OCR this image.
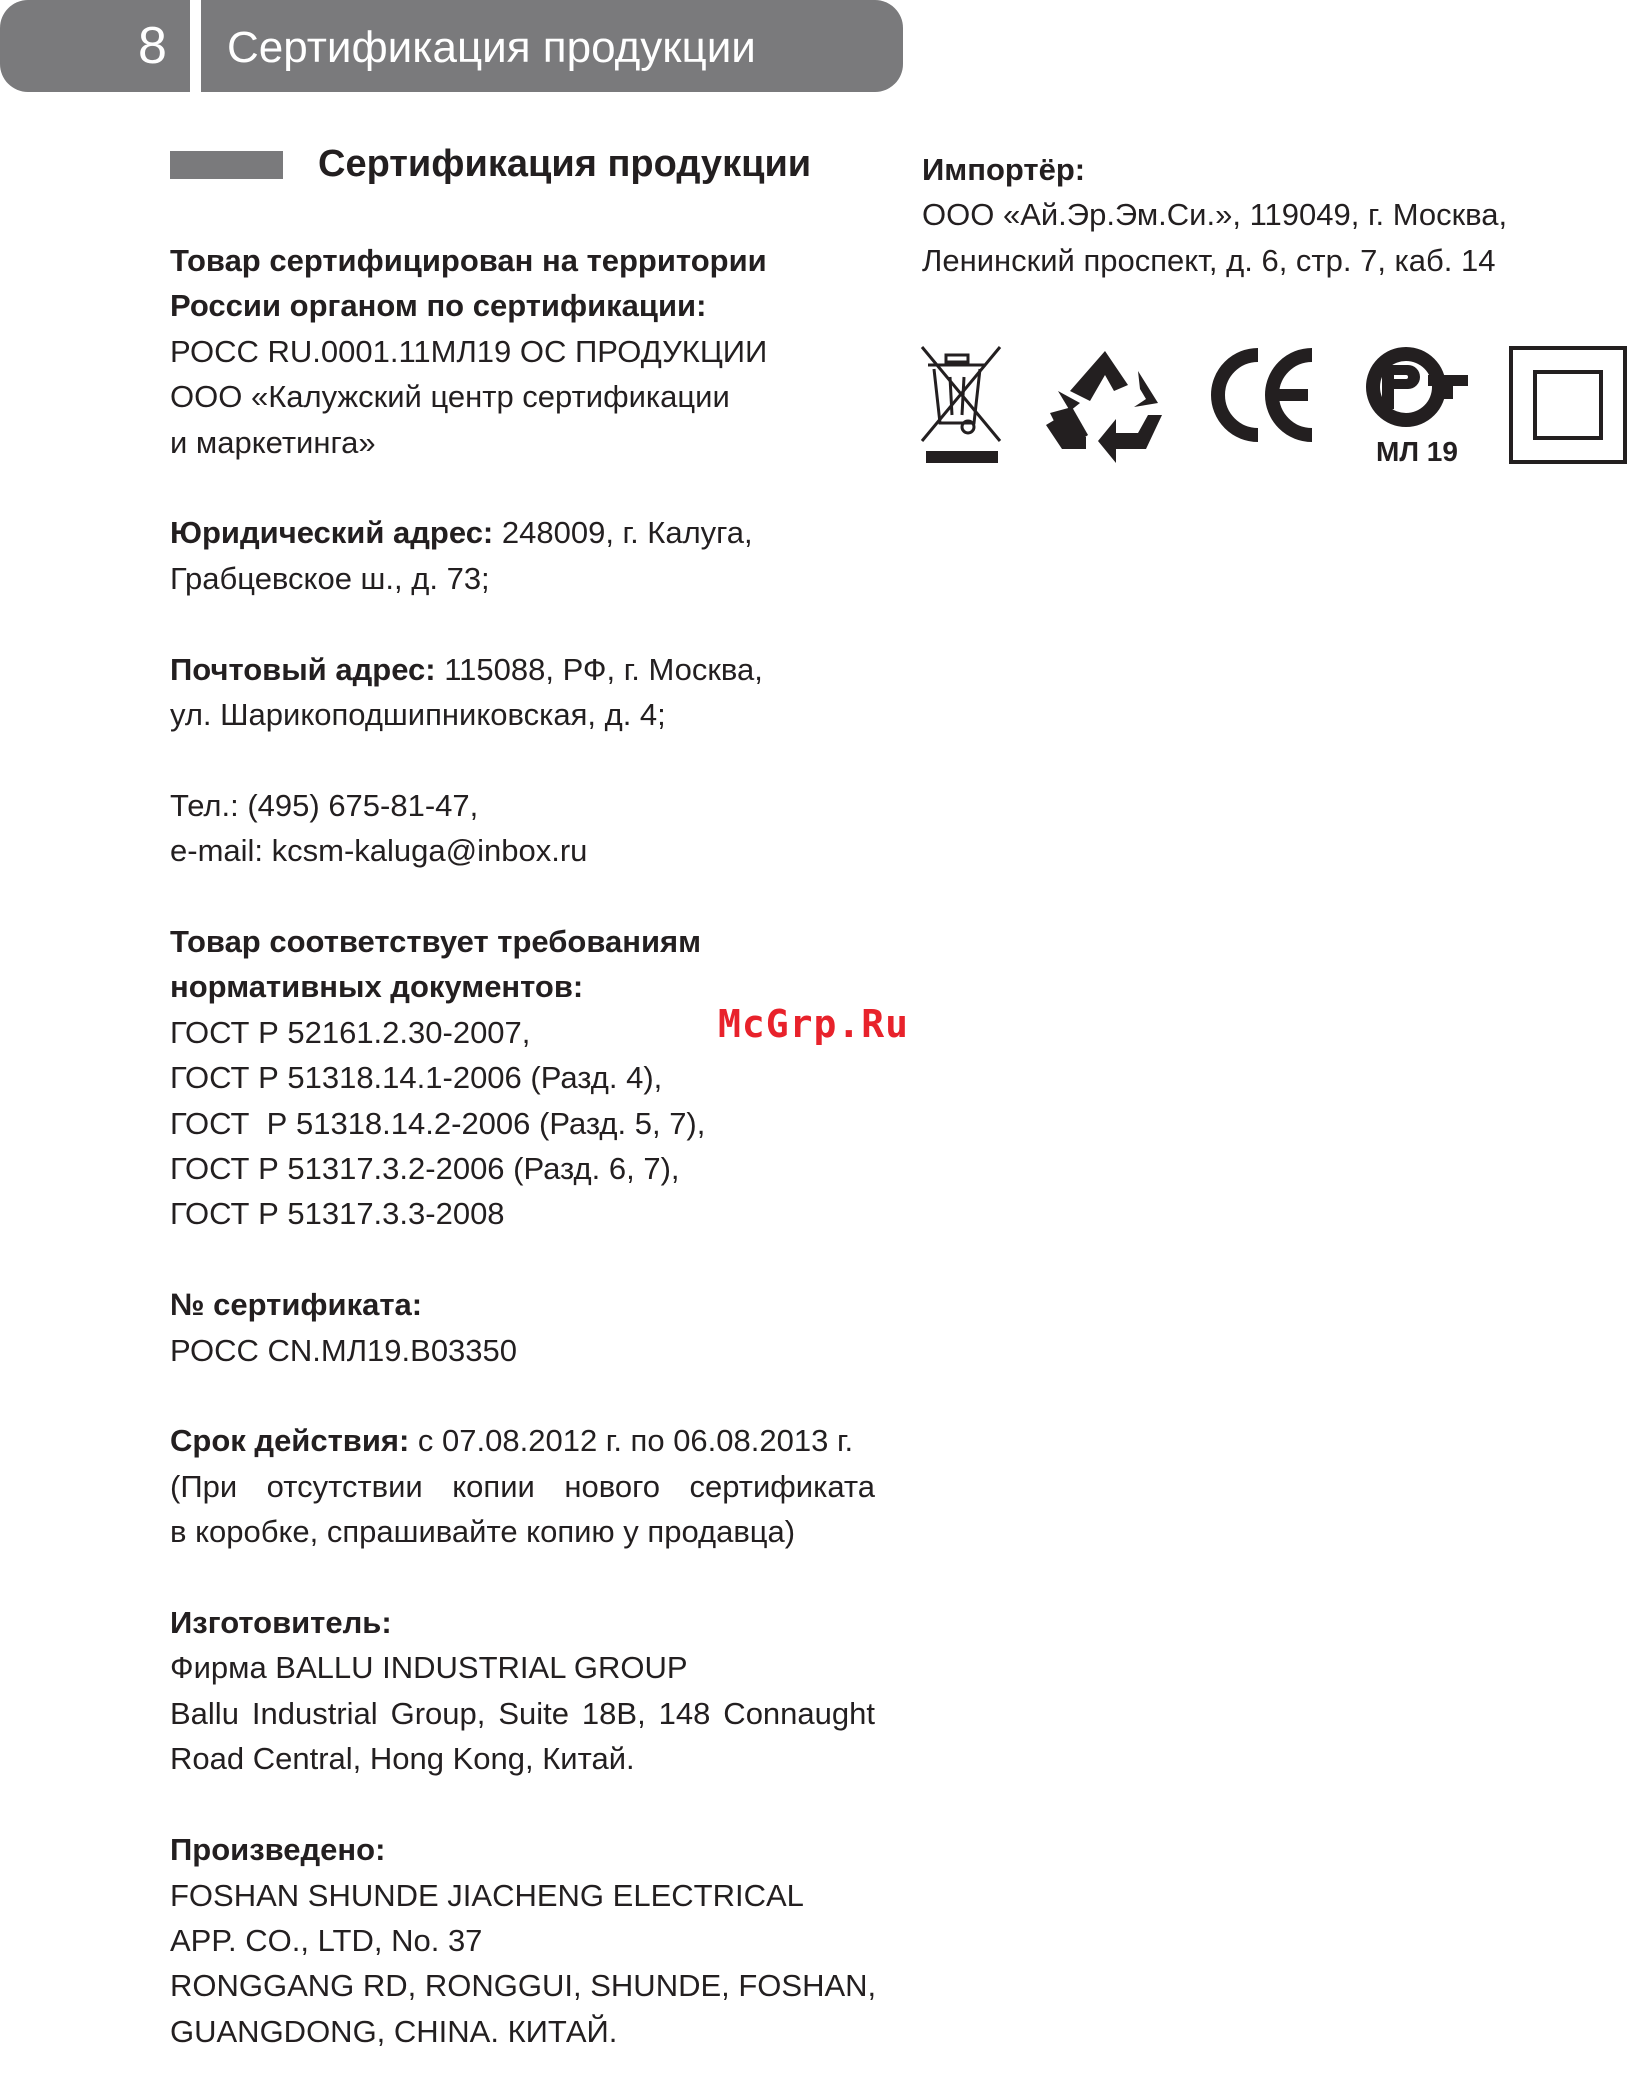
8	Сертификация продукции
Сертификация продукции
Товар сертифицирован на территории
России органом по сертификации:
РОСС RU.0001.11МЛ19 ОС ПРОДУКЦИИ
ООО «Калужский центр сертификации
и маркетинга»
Юридический адрес: 248009, г. Калуга,
Грабцевское ш., д. 73;
Почтовый адрес: 115088, РФ, г. Москва,
ул. Шарикоподшипниковская, д. 4;
Тел.: (495) 675-81-47,
e-mail: kcsm-kaluga@inbox.ru
Товар соответствует требованиям
нормативных документов:
ГОСТ Р 52161.2.30-2007,
ГОСТ Р 51318.14.1-2006 (Разд. 4),
ГОСТ  Р 51318.14.2-2006 (Разд. 5, 7),
ГОСТ Р 51317.3.2-2006 (Разд. 6, 7),
ГОСТ Р 51317.3.3-2008
№ сертификата:
РОСС CN.МЛ19.В03350
Срок действия: с 07.08.2012 г. по 06.08.2013 г.
(При отсутствии копии нового сертификата
в коробке, спрашивайте копию у продавца)
Изготовитель:
Фирма BALLU INDUSTRIAL GROUP
Ballu Industrial Group, Suite 18B, 148 Connaught
Road Central, Hong Kong, Китай.
Произведено:
FOSHAN SHUNDE JIACHENG ELECTRICAL
APP. CO., LTD, No. 37
RONGGANG RD, RONGGUI, SHUNDE, FOSHAN,
GUANGDONG, CHINA. КИТАЙ.
Импортёр:
ООО «Ай.Эр.Эм.Си.», 119049, г. Москва,
Ленинский проспект, д. 6, стр. 7, каб. 14
МЛ 19
McGrp.Ru
